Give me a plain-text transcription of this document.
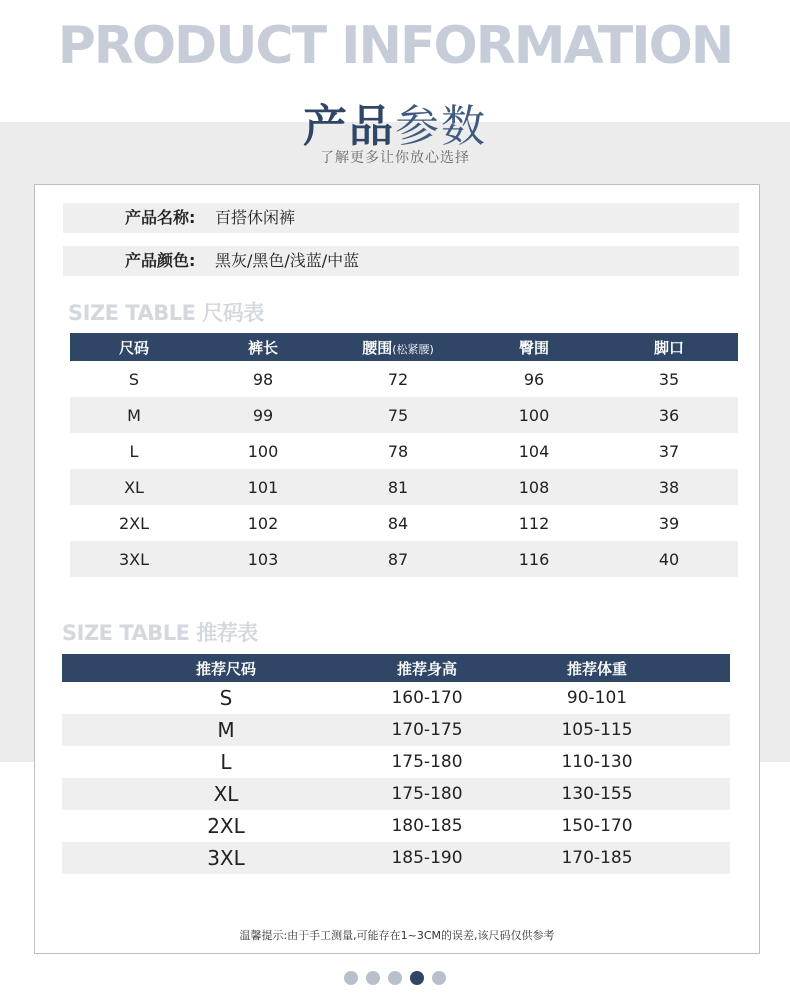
PRODUCT INFORMATION
产品参数
了解更多让你放心选择
产品名称: 百搭休闲裤
产品颜色: 黑灰/黑色/浅蓝/中蓝
SIZE TABLE 尺码表
尺码	裤长	腰围(松紧腰)	臀围	脚口
S	98	72	96	35
M	99	75	100	36
L	100	78	104	37
XL	101	81	108	38
2XL	102	84	112	39
3XL	103	87	116	40
SIZE TABLE 推荐表
推荐尺码	推荐身高	推荐体重
S	160-170	90-101
M	170-175	105-115
L	175-180	110-130
XL	175-180	130-155
2XL	180-185	150-170
3XL	185-190	170-185
温馨提示:由于手工测量,可能存在1~3CM的误差,该尺码仅供参考
